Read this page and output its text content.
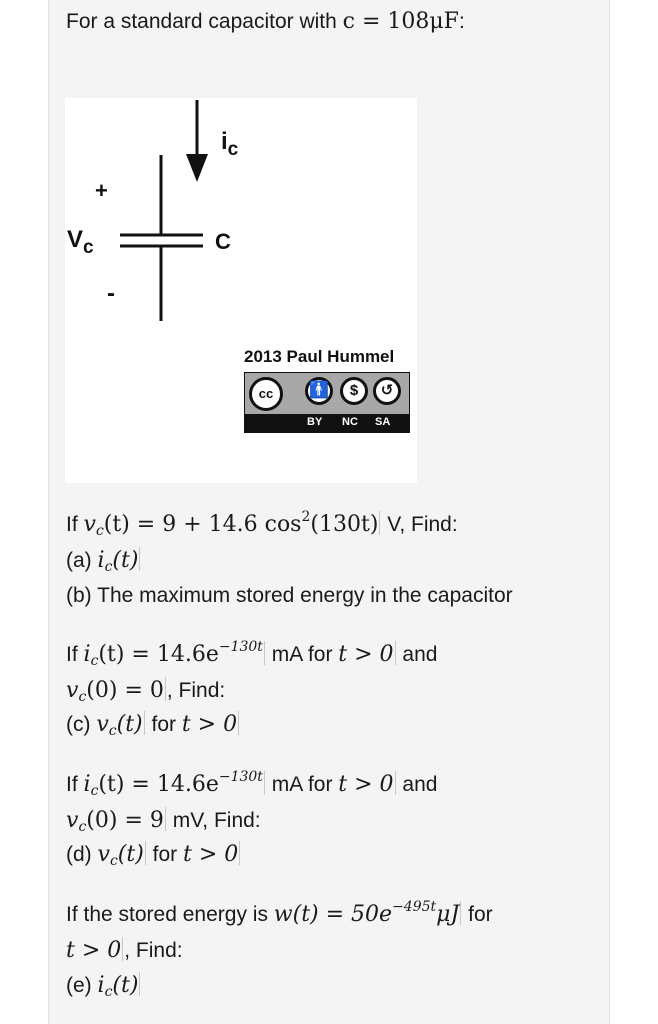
For a standard capacitor with c = 108μF:
$i_c$
+
$V_c$	C
-
2013 Paul Hummel
cc	🚹	$	↺
BY NC SA
If $v_c(t) = 9 + 14.6$ $\cos^2(130t)$ V, Find:
(a) $i_c(t)$
(b) The maximum stored energy in the capacitor
If $i_c(t) = 14.6e^{-130t}$ mA for t > 0 and
$v_c(0) = 0$ , Find:
(c) $v_c(t)$ for t > 0
If $i_c(t) = 14.6e^{-130t}$ mA for t > 0 and
$v_c(0) = 9$ mV, Find:
(d) $v_c(t)$ for t > 0
If the stored energy is $w(t) = 50e^{-495t}\mu J$ for
t > 0 , Find:
(e) $i_c(t)$
